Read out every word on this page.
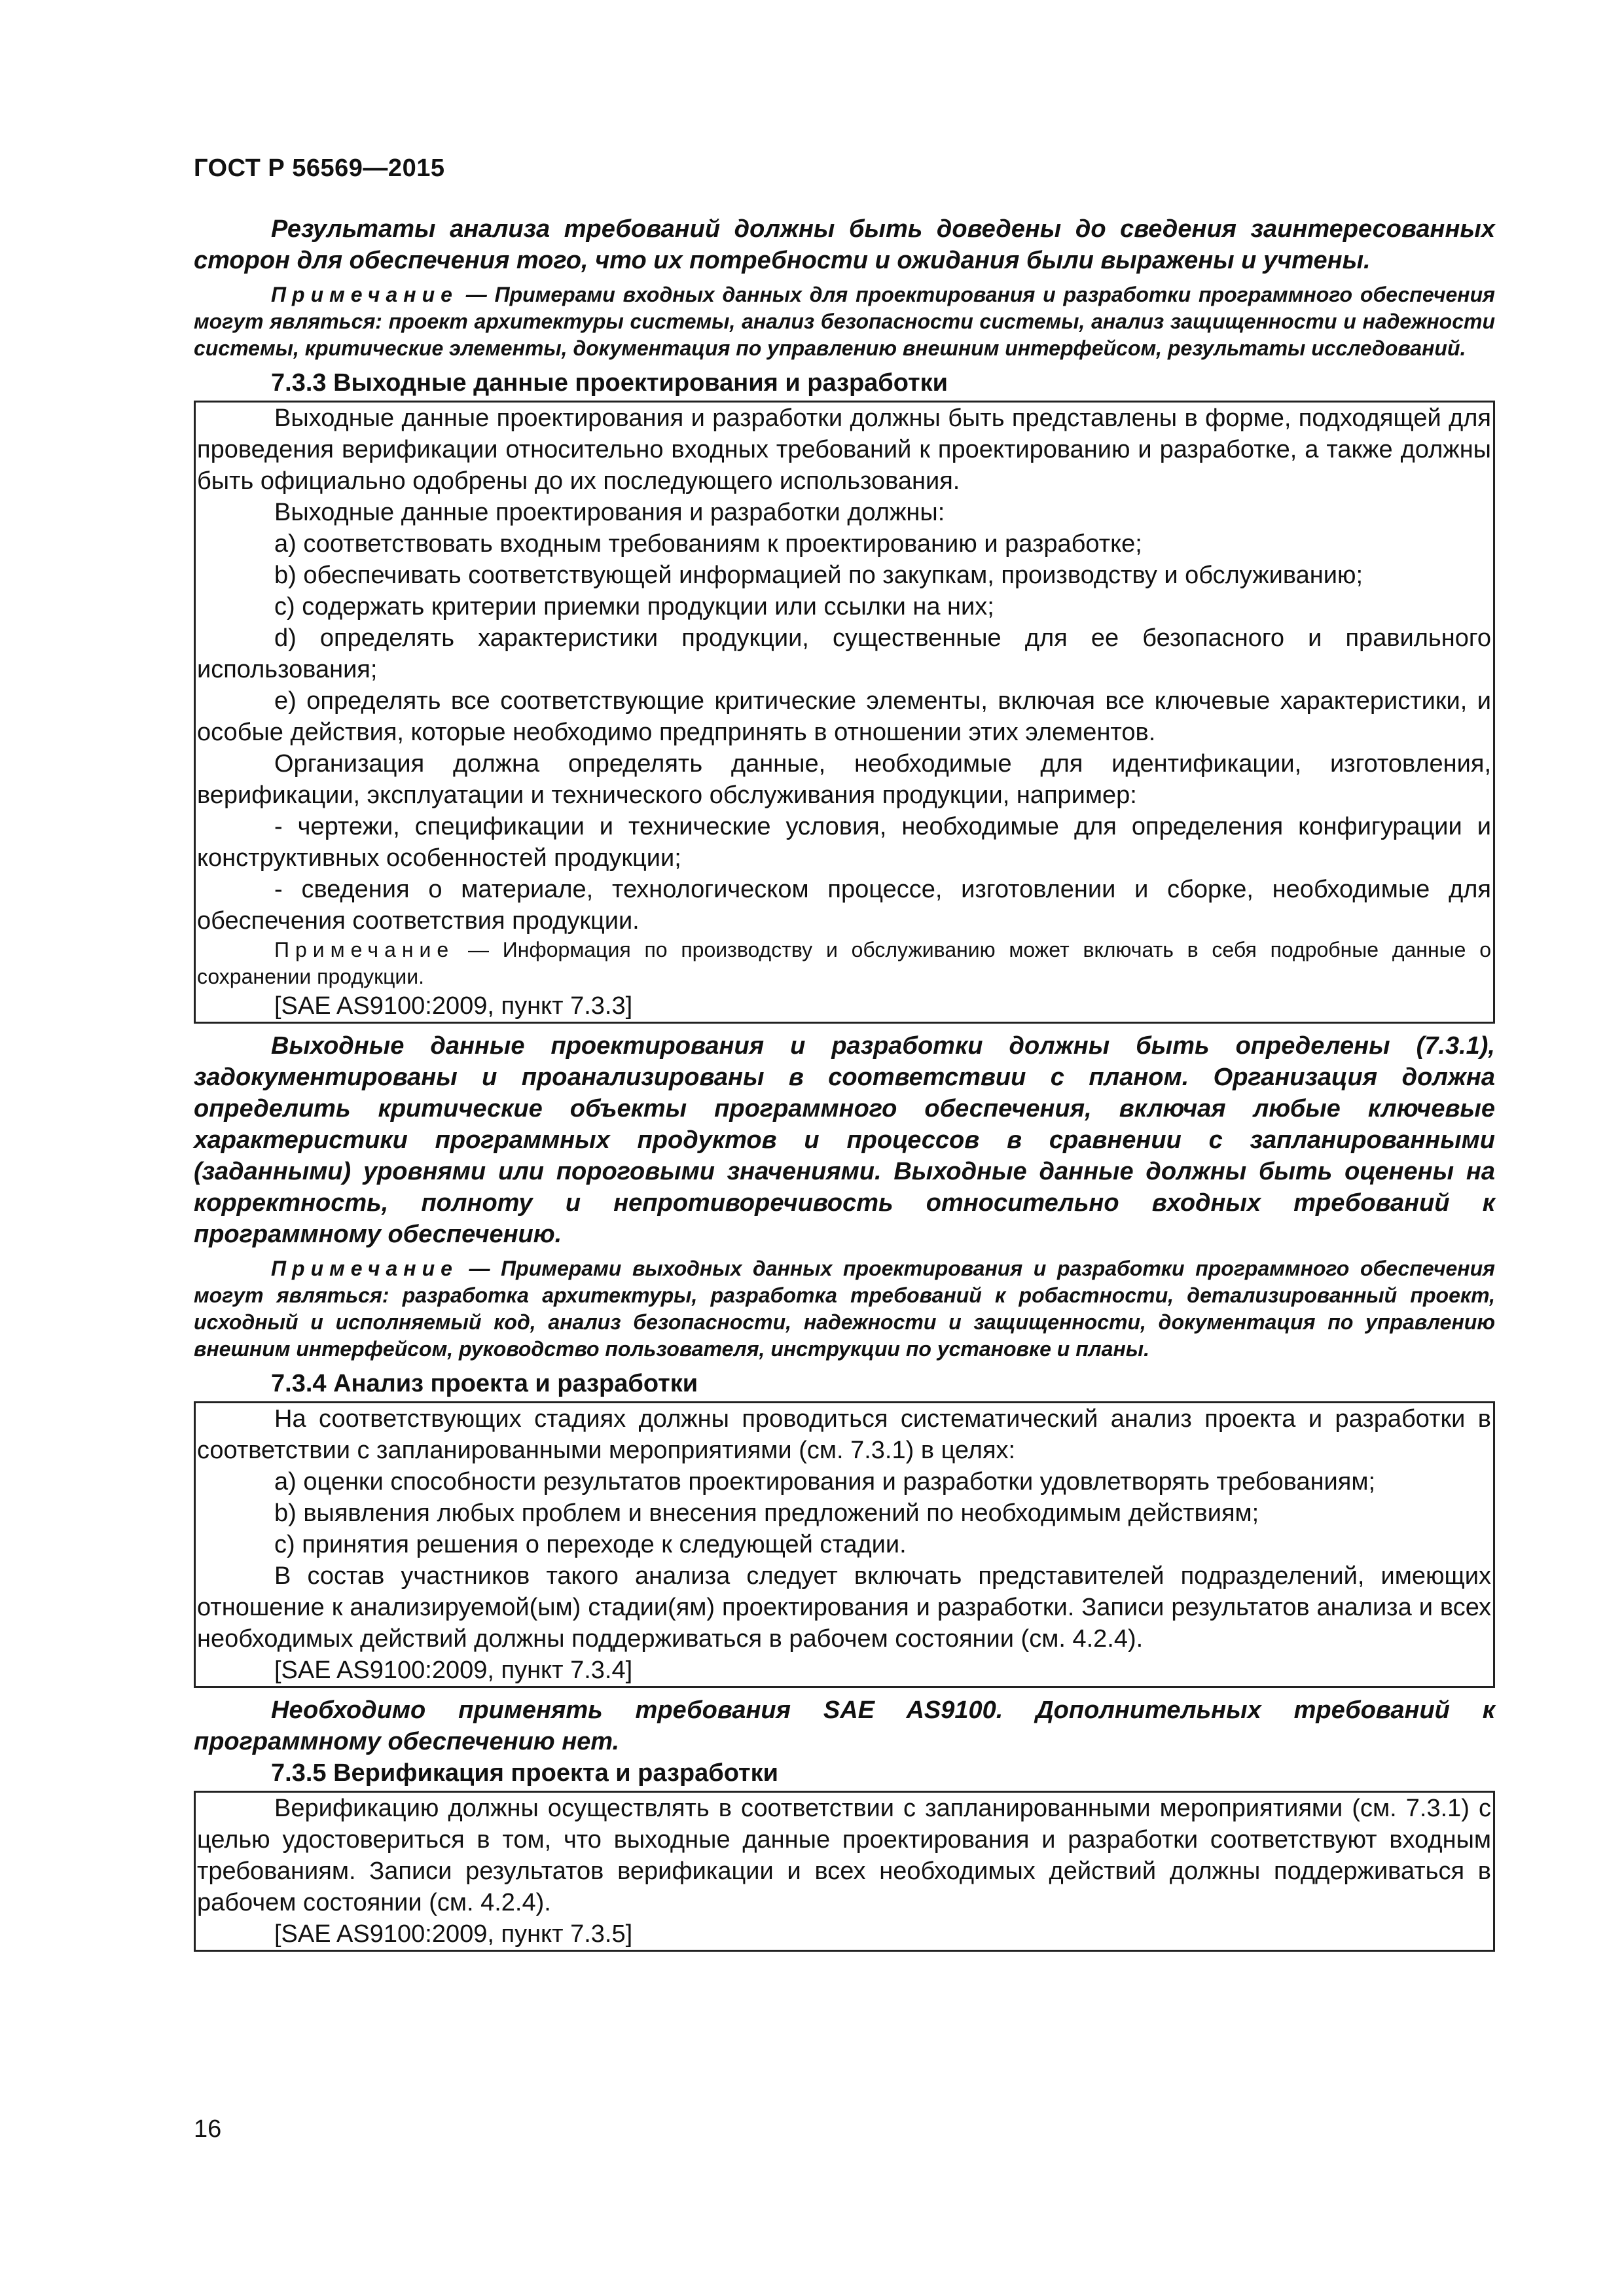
ГОСТ Р 56569—2015

Результаты анализа требований должны быть доведены до сведения заинтересованных сторон для обеспечения того, что их потребности и ожидания были выражены и учтены.

Примечание — Примерами входных данных для проектирования и разработки программного обеспечения могут являться: проект архитектуры системы, анализ безопасности системы, анализ защищенности и надежности системы, критические элементы, документация по управлению внешним интерфейсом, результаты исследований.

7.3.3 Выходные данные проектирования и разработки

Выходные данные проектирования и разработки должны быть представлены в форме, подходящей для проведения верификации относительно входных требований к проектированию и разработке, а также должны быть официально одобрены до их последующего использования.

Выходные данные проектирования и разработки должны:

a) соответствовать входным требованиям к проектированию и разработке;

b) обеспечивать соответствующей информацией по закупкам, производству и обслуживанию;

c) содержать критерии приемки продукции или ссылки на них;

d) определять характеристики продукции, существенные для ее безопасного и правильного использования;

e) определять все соответствующие критические элементы, включая все ключевые характеристики, и особые действия, которые необходимо предпринять в отношении этих элементов.

Организация должна определять данные, необходимые для идентификации, изготовления, верификации, эксплуатации и технического обслуживания продукции, например:

- чертежи, спецификации и технические условия, необходимые для определения конфигурации и конструктивных особенностей продукции;

- сведения о материале, технологическом процессе, изготовлении и сборке, необходимые для обеспечения соответствия продукции.

Примечание — Информация по производству и обслуживанию может включать в себя подробные данные о сохранении продукции.

[SAE AS9100:2009, пункт 7.3.3]

Выходные данные проектирования и разработки должны быть определены (7.3.1), задокументированы и проанализированы в соответствии с планом. Организация должна определить критические объекты программного обеспечения, включая любые ключевые характеристики программных продуктов и процессов в сравнении с запланированными (заданными) уровнями или пороговыми значениями. Выходные данные должны быть оценены на корректность, полноту и непротиворечивость относительно входных требований к программному обеспечению.

Примечание — Примерами выходных данных проектирования и разработки программного обеспечения могут являться: разработка архитектуры, разработка требований к робастности, детализированный проект, исходный и исполняемый код, анализ безопасности, надежности и защищенности, документация по управлению внешним интерфейсом, руководство пользователя, инструкции по установке и планы.

7.3.4 Анализ проекта и разработки

На соответствующих стадиях должны проводиться систематический анализ проекта и разработки в соответствии с запланированными мероприятиями (см. 7.3.1) в целях:

a) оценки способности результатов проектирования и разработки удовлетворять требованиям;

b) выявления любых проблем и внесения предложений по необходимым действиям;

c) принятия решения о переходе к следующей стадии.

В состав участников такого анализа следует включать представителей подразделений, имеющих отношение к анализируемой(ым) стадии(ям) проектирования и разработки. Записи результатов анализа и всех необходимых действий должны поддерживаться в рабочем состоянии (см. 4.2.4).

[SAE AS9100:2009, пункт 7.3.4]

Необходимо применять требования SAE AS9100. Дополнительных требований к программному обеспечению нет.

7.3.5 Верификация проекта и разработки

Верификацию должны осуществлять в соответствии с запланированными мероприятиями (см. 7.3.1) с целью удостовериться в том, что выходные данные проектирования и разработки соответствуют входным требованиям. Записи результатов верификации и всех необходимых действий должны поддерживаться в рабочем состоянии (см. 4.2.4).

[SAE AS9100:2009, пункт 7.3.5]

16
